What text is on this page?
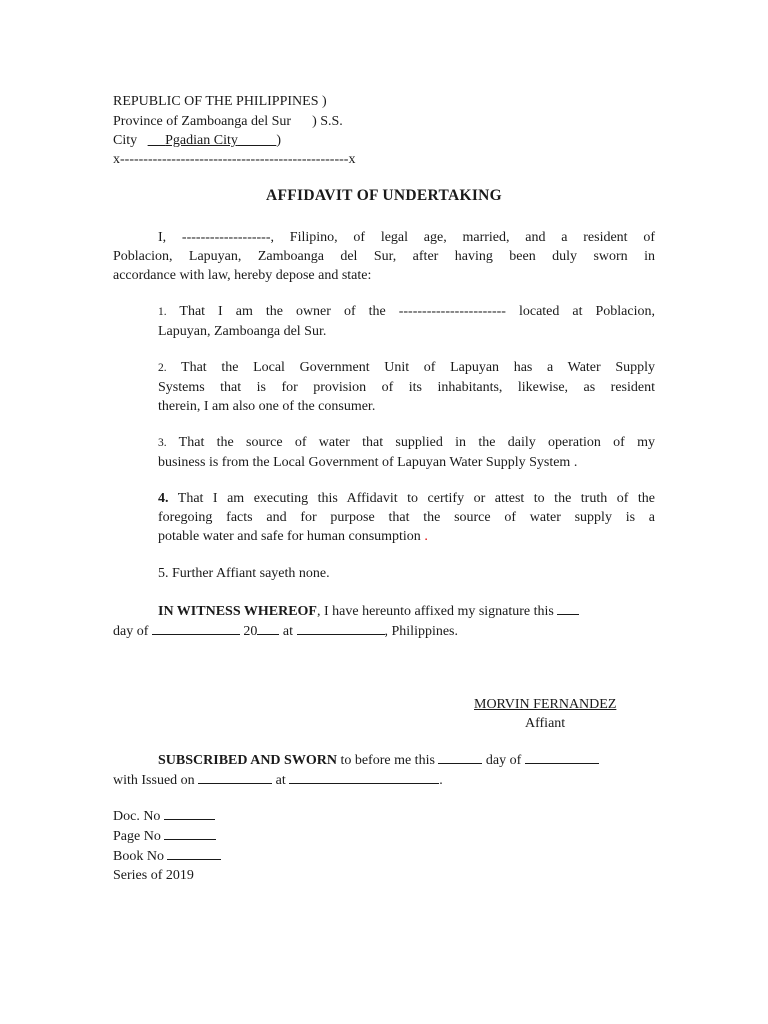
REPUBLIC OF THE PHILIPPINES )
Province of Zamboanga del Sur      ) S.S.
City Pgadian City	)
x-------------------------------------------------x
AFFIDAVIT OF UNDERTAKING
I, -------------------, Filipino, of legal age, married, and a resident of
Poblacion, Lapuyan, Zamboanga del Sur, after having been duly sworn in
accordance with law, hereby depose and state:
1. That I am the owner of the ----------------------- located at Poblacion,
Lapuyan, Zamboanga del Sur.
2. That the Local Government Unit of Lapuyan has a Water Supply
Systems that is for provision of its inhabitants, likewise, as resident
therein, I am also one of the consumer.
3. That the source of water that supplied in the daily operation of my
business is from the Local Government of Lapuyan Water Supply System .
4. That I am executing this Affidavit to certify or attest to the truth of the
foregoing facts and for purpose that the source of water supply is a
potable water and safe for human consumption .
5. Further Affiant sayeth none.
IN WITNESS WHEREOF, I have hereunto affixed my signature this
day of	20 at	, Philippines.
MORVIN FERNANDEZ
Affiant
SUBSCRIBED AND SWORN to before me this	day of
with Issued on	at	.
Doc. No
Page No
Book No
Series of 2019
